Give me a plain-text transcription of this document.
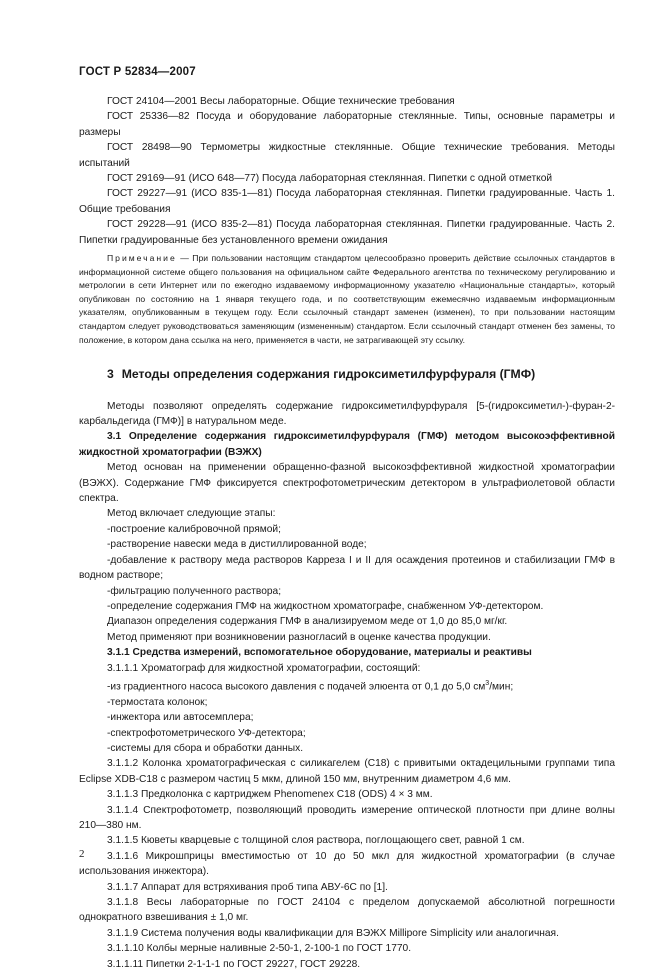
ГОСТ Р 52834—2007

ГОСТ 24104—2001 Весы лабораторные. Общие технические требования

ГОСТ 25336—82 Посуда и оборудование лабораторные стеклянные. Типы, основные параметры и размеры

ГОСТ 28498—90 Термометры жидкостные стеклянные. Общие технические требования. Методы испытаний

ГОСТ 29169—91 (ИСО 648—77) Посуда лабораторная стеклянная. Пипетки с одной отметкой

ГОСТ 29227—91 (ИСО 835-1—81) Посуда лабораторная стеклянная. Пипетки градуированные. Часть 1. Общие требования

ГОСТ 29228—91 (ИСО 835-2—81) Посуда лабораторная стеклянная. Пипетки градуированные. Часть 2. Пипетки градуированные без установленного времени ожидания

Примечание — При пользовании настоящим стандартом целесообразно проверить действие ссылочных стандартов в информационной системе общего пользования на официальном сайте Федерального агентства по техническому регулированию и метрологии в сети Интернет или по ежегодно издаваемому информационному указателю «Национальные стандарты», который опубликован по состоянию на 1 января текущего года, и по соответствующим ежемесячно издаваемым информационным указателям, опубликованным в текущем году. Если ссылочный стандарт заменен (изменен), то при пользовании настоящим стандартом следует руководствоваться заменяющим (измененным) стандартом. Если ссылочный стандарт отменен без замены, то положение, в котором дана ссылка на него, применяется в части, не затрагивающей эту ссылку.

3 Методы определения содержания гидроксиметилфурфураля (ГМФ)

Методы позволяют определять содержание гидроксиметилфурфураля [5-(гидроксиметил-)-фуран-2-карбальдегида (ГМФ)] в натуральном меде.

3.1 Определение содержания гидроксиметилфурфураля (ГМФ) методом высокоэффективной жидкостной хроматографии (ВЭЖХ)

Метод основан на применении обращенно-фазной высокоэффективной жидкостной хроматографии (ВЭЖХ). Содержание ГМФ фиксируется спектрофотометрическим детектором в ультрафиолетовой области спектра.

Метод включает следующие этапы:

-построение калибровочной прямой;

-растворение навески меда в дистиллированной воде;

-добавление к раствору меда растворов Карреза I и II для осаждения протеинов и стабилизации ГМФ в водном растворе;

-фильтрацию полученного раствора;

-определение содержания ГМФ на жидкостном хроматографе, снабженном УФ-детектором.

Диапазон определения содержания ГМФ в анализируемом меде от 1,0 до 85,0 мг/кг.

Метод применяют при возникновении разногласий в оценке качества продукции.

3.1.1 Средства измерений, вспомогательное оборудование, материалы и реактивы

3.1.1.1 Хроматограф для жидкостной хроматографии, состоящий:

-из градиентного насоса высокого давления с подачей элюента от 0,1 до 5,0 $см^3$/мин;

-термостата колонок;

-инжектора или автосемплера;

-спектрофотометрического УФ-детектора;

-системы для сбора и обработки данных.

3.1.1.2 Колонка хроматографическая с силикагелем (С18) с привитыми октадецильными группами типа Eclipse XDB-C18 с размером частиц 5 мкм, длиной 150 мм, внутренним диаметром 4,6 мм.

3.1.1.3 Предколонка с картриджем Phenomenex C18 (ODS) 4 × 3 мм.

3.1.1.4 Спектрофотометр, позволяющий проводить измерение оптической плотности при длине волны 210—380 нм.

3.1.1.5 Кюветы кварцевые с толщиной слоя раствора, поглощающего свет, равной 1 см.

3.1.1.6 Микрошприцы вместимостью от 10 до 50 мкл для жидкостной хроматографии (в случае использования инжектора).

3.1.1.7 Аппарат для встряхивания проб типа АВУ-6С по [1].

3.1.1.8 Весы лабораторные по ГОСТ 24104 с пределом допускаемой абсолютной погрешности однократного взвешивания ± 1,0 мг.

3.1.1.9 Система получения воды квалификации для ВЭЖХ Millipore Simplicity или аналогичная.

3.1.1.10 Колбы мерные наливные 2-50-1, 2-100-1 по ГОСТ 1770.

3.1.1.11 Пипетки 2-1-1-1 по ГОСТ 29227, ГОСТ 29228.

2
